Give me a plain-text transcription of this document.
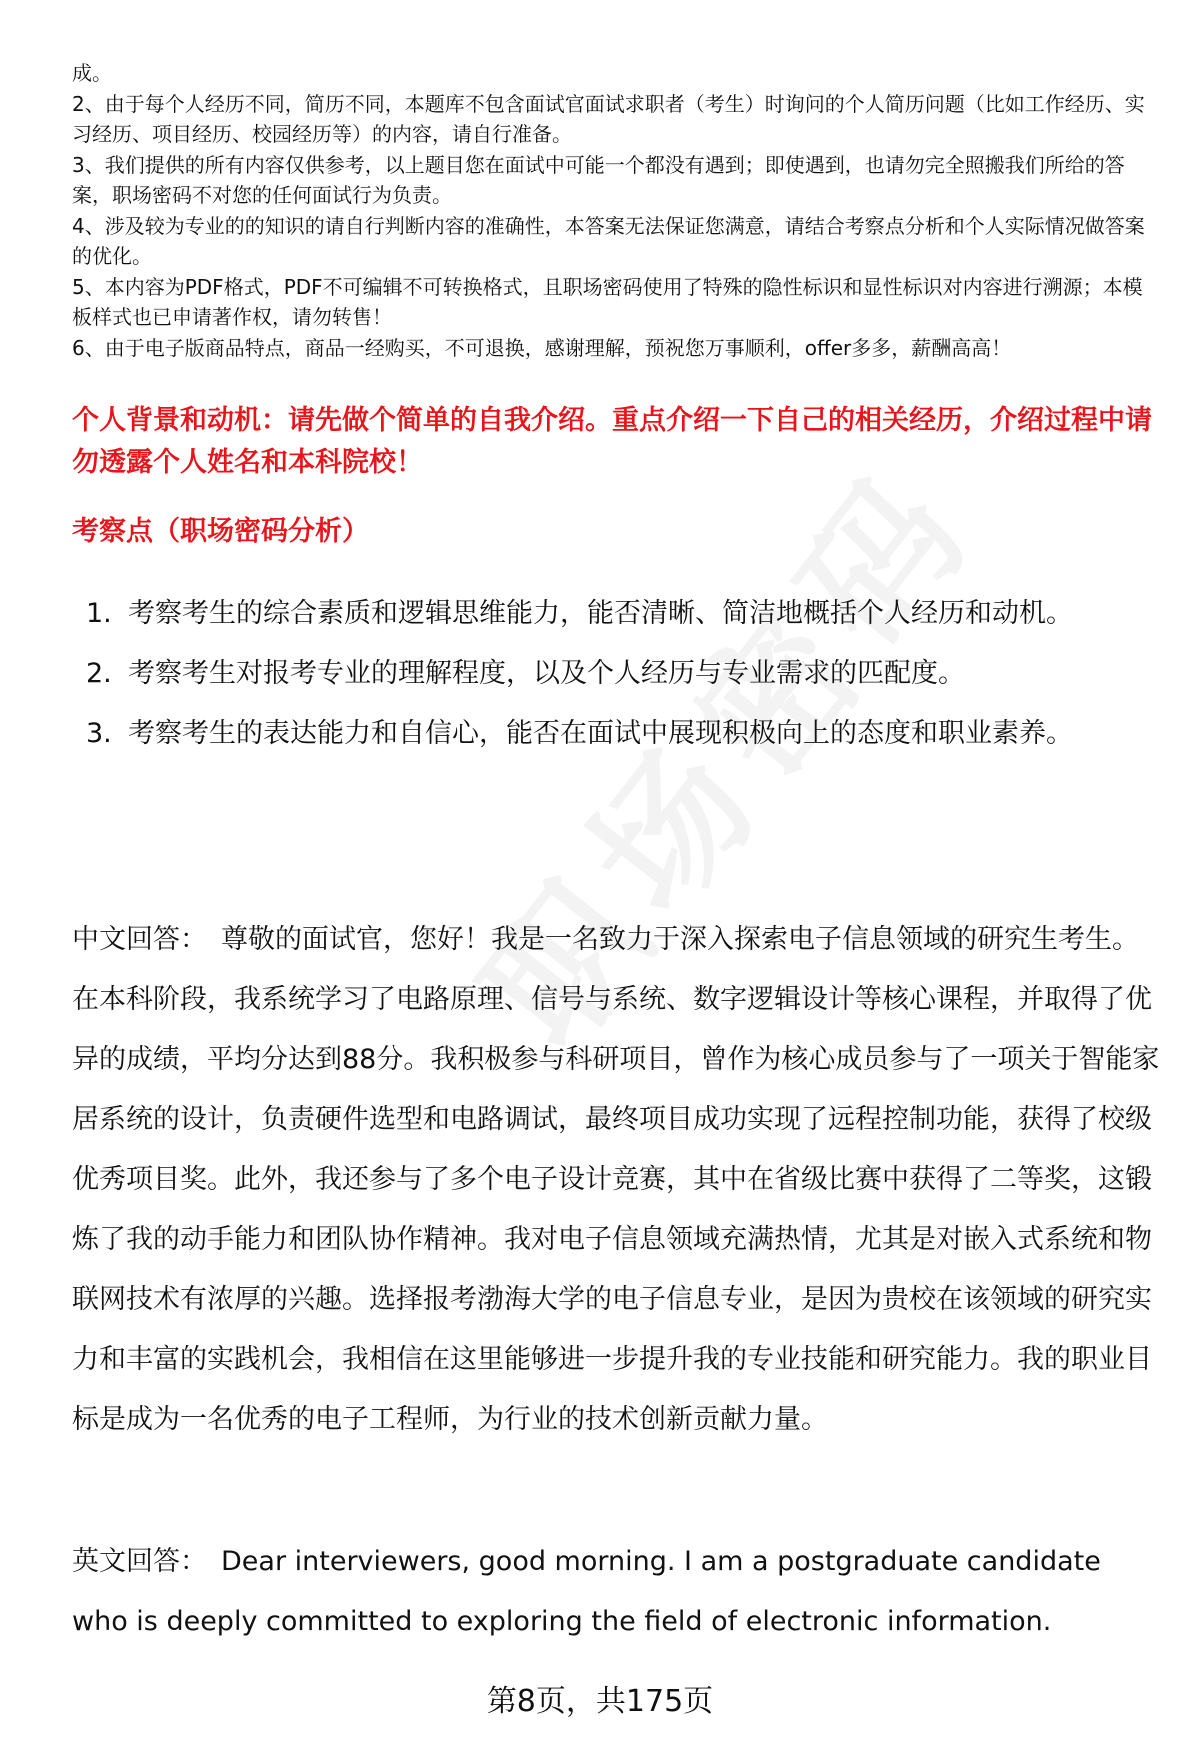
成。

2、由于每个人经历不同，简历不同，本题库不包含面试官面试求职者（考生）时询问的个人简历问题（比如工作经历、实习经历、项目经历、校园经历等）的内容，请自行准备。

3、我们提供的所有内容仅供参考，以上题目您在面试中可能一个都没有遇到；即使遇到，也请勿完全照搬我们所给的答案，职场密码不对您的任何面试行为负责。

4、涉及较为专业的的知识的请自行判断内容的准确性，本答案无法保证您满意，请结合考察点分析和个人实际情况做答案的优化。

5、本内容为PDF格式，PDF不可编辑不可转换格式，且职场密码使用了特殊的隐性标识和显性标识对内容进行溯源；本模板样式也已申请著作权，请勿转售！

6、由于电子版商品特点，商品一经购买，不可退换，感谢理解，预祝您万事顺利，offer多多，薪酬高高！

个人背景和动机：请先做个简单的自我介绍。重点介绍一下自己的相关经历，介绍过程中请勿透露个人姓名和本科院校！
考察点（职场密码分析）
1. 考察考生的综合素质和逻辑思维能力，能否清晰、简洁地概括个人经历和动机。
2. 考察考生对报考专业的理解程度，以及个人经历与专业需求的匹配度。
3. 考察考生的表达能力和自信心，能否在面试中展现积极向上的态度和职业素养。

中文回答： 尊敬的面试官，您好！我是一名致力于深入探索电子信息领域的研究生考生。在本科阶段，我系统学习了电路原理、信号与系统、数字逻辑设计等核心课程，并取得了优异的成绩，平均分达到88分。我积极参与科研项目，曾作为核心成员参与了一项关于智能家居系统的设计，负责硬件选型和电路调试，最终项目成功实现了远程控制功能，获得了校级优秀项目奖。此外，我还参与了多个电子设计竞赛，其中在省级比赛中获得了二等奖，这锻炼了我的动手能力和团队协作精神。我对电子信息领域充满热情，尤其是对嵌入式系统和物联网技术有浓厚的兴趣。选择报考渤海大学的电子信息专业，是因为贵校在该领域的研究实力和丰富的实践机会，我相信在这里能够进一步提升我的专业技能和研究能力。我的职业目标是成为一名优秀的电子工程师，为行业的技术创新贡献力量。

英文回答： Dear interviewers, good morning. I am a postgraduate candidate who is deeply committed to exploring the field of electronic information.

第8页，共175页
